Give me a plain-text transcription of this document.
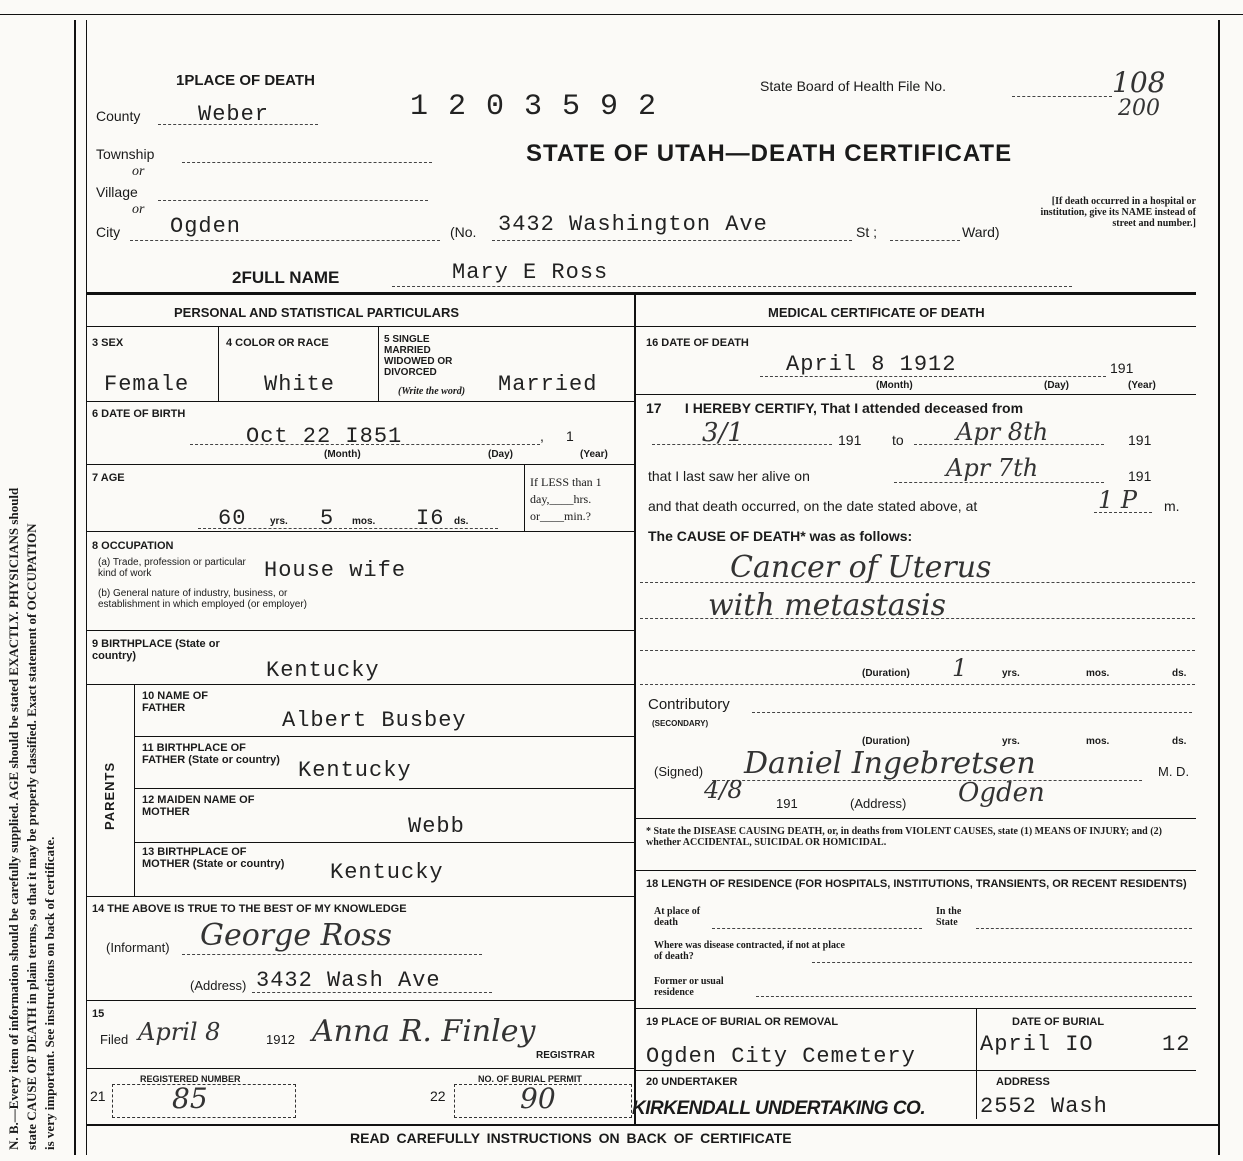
N. B.—Every item of information should be carefully supplied. AGE should be stated EXACTLY. PHYSICIANS should state CAUSE OF DEATH in plain terms, so that it may be properly classified. Exact statement of OCCUPATION is very important. See instructions on back of certificate.
1PLACE OF DEATH
County	Weber	1 2 0 3 5 9 2
State Board of Health File No.	108
200
Township
or
Village
or
STATE OF UTAH—DEATH CERTIFICATE
City Ogden	(No. 3432 Washington Ave	St ;	Ward)
[If death occurred in a hospital or institution, give its NAME instead of street and number.]
2FULL NAME	Mary E Ross
PERSONAL AND STATISTICAL PARTICULARS	MEDICAL CERTIFICATE OF DEATH
3 SEX
Female
4 COLOR OR RACE
White
5 SINGLE MARRIED WIDOWED OR DIVORCED
(Write the word) Married
6 DATE OF BIRTH
Oct 22 I851	, 1
(Month)	(Day)	(Year)
7 AGE
60 yrs. 5 mos. I6 ds.
If LESS than 1 day,____hrs. or____min.?
8 OCCUPATION
(a) Trade, profession or particular kind of work	House wife
(b) General nature of industry, business, or establishment in which employed (or employer)
9 BIRTHPLACE (State or country)
Kentucky
PARENTS
10 NAME OF FATHER	Albert Busbey
11 BIRTHPLACE OF FATHER (State or country) Kentucky
12 MAIDEN NAME OF MOTHER
Webb
13 BIRTHPLACE OF MOTHER (State or country)	Kentucky
14 THE ABOVE IS TRUE TO THE BEST OF MY KNOWLEDGE
(Informant) George Ross
(Address) 3432 Wash Ave
15
Filed April 8	1912 Anna R. Finley
REGISTRAR
REGISTERED NUMBER
21 85
NO. OF BURIAL PERMIT
22	90
16 DATE OF DEATH
April 8 1912	191
(Month)	(Day)	(Year)
17      I HEREBY CERTIFY, That I attended deceased from
3/1	191 to Apr 8th	191
that I last saw her alive on	Apr 7th	191
and that death occurred, on the date stated above, at	1 P m.
The CAUSE OF DEATH* was as follows:
Cancer of Uterus
with metastasis
(Duration) 1	yrs.	mos.	ds.
Contributory
(SECONDARY)
(Duration)	yrs.	mos.	ds.
(Signed) Daniel Ingebretsen	M. D.
4/8	191	(Address) Ogden
* State the DISEASE CAUSING DEATH, or, in deaths from VIOLENT CAUSES, state (1) MEANS OF INJURY; and (2) whether ACCIDENTAL, SUICIDAL OR HOMICIDAL.
18 LENGTH OF RESIDENCE (FOR HOSPITALS, INSTITUTIONS, TRANSIENTS, OR RECENT RESIDENTS)
At place of death
In the State
Where was disease contracted, if not at place of death?
Former or usual residence
19 PLACE OF BURIAL OR REMOVAL
Ogden City Cemetery
DATE OF BURIAL
April IO	12
20 UNDERTAKER
KIRKENDALL UNDERTAKING CO.
ADDRESS
2552 Wash
READ CAREFULLY INSTRUCTIONS ON BACK OF CERTIFICATE
